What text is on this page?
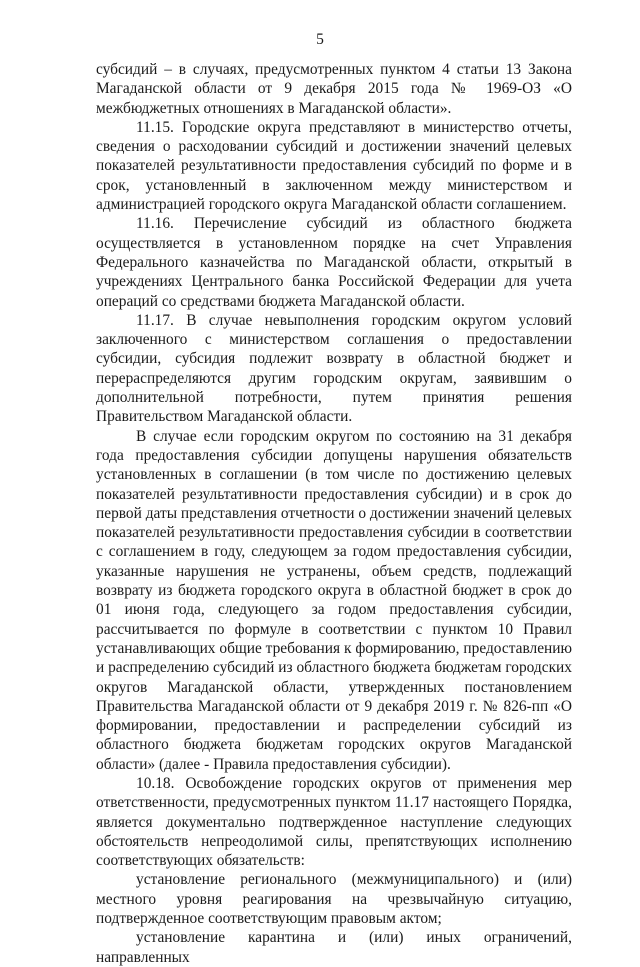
5

субсидий – в случаях, предусмотренных пунктом 4 статьи 13 Закона Магаданской области от 9 декабря 2015 года № 1969-ОЗ «О межбюджетных отношениях в Магаданской области».

11.15. Городские округа представляют в министерство отчеты, сведения о расходовании субсидий и достижении значений целевых показателей результативности предоставления субсидий по форме и в срок, установленный в заключенном между министерством и администрацией городского округа Магаданской области соглашением.

11.16. Перечисление субсидий из областного бюджета осуществляется в установленном порядке на счет Управления Федерального казначейства по Магаданской области, открытый в учреждениях Центрального банка Российской Федерации для учета операций со средствами бюджета Магаданской области.

11.17. В случае невыполнения городским округом условий заключенного с министерством соглашения о предоставлении субсидии, субсидия подлежит возврату в областной бюджет и перераспределяются другим городским округам, заявившим о дополнительной потребности, путем принятия решения Правительством Магаданской области.

В случае если городским округом по состоянию на 31 декабря года предоставления субсидии допущены нарушения обязательств установленных в соглашении (в том числе по достижению целевых показателей результативности предоставления субсидии) и в срок до первой даты представления отчетности о достижении значений целевых показателей результативности предоставления субсидии в соответствии с соглашением в году, следующем за годом предоставления субсидии, указанные нарушения не устранены, объем средств, подлежащий возврату из бюджета городского округа в областной бюджет в срок до 01 июня года, следующего за годом предоставления субсидии, рассчитывается по формуле в соответствии с пунктом 10 Правил устанавливающих общие требования к формированию, предоставлению и распределению субсидий из областного бюджета бюджетам городских округов Магаданской области, утвержденных постановлением Правительства Магаданской области от 9 декабря 2019 г. № 826-пп «О формировании, предоставлении и распределении субсидий из областного бюджета бюджетам городских округов Магаданской области» (далее - Правила предоставления субсидии).

10.18. Освобождение городских округов от применения мер ответственности, предусмотренных пунктом 11.17 настоящего Порядка, является документально подтвержденное наступление следующих обстоятельств непреодолимой силы, препятствующих исполнению соответствующих обязательств:

установление регионального (межмуниципального) и (или) местного уровня реагирования на чрезвычайную ситуацию, подтвержденное соответствующим правовым актом;

установление карантина и (или) иных ограничений, направленных
